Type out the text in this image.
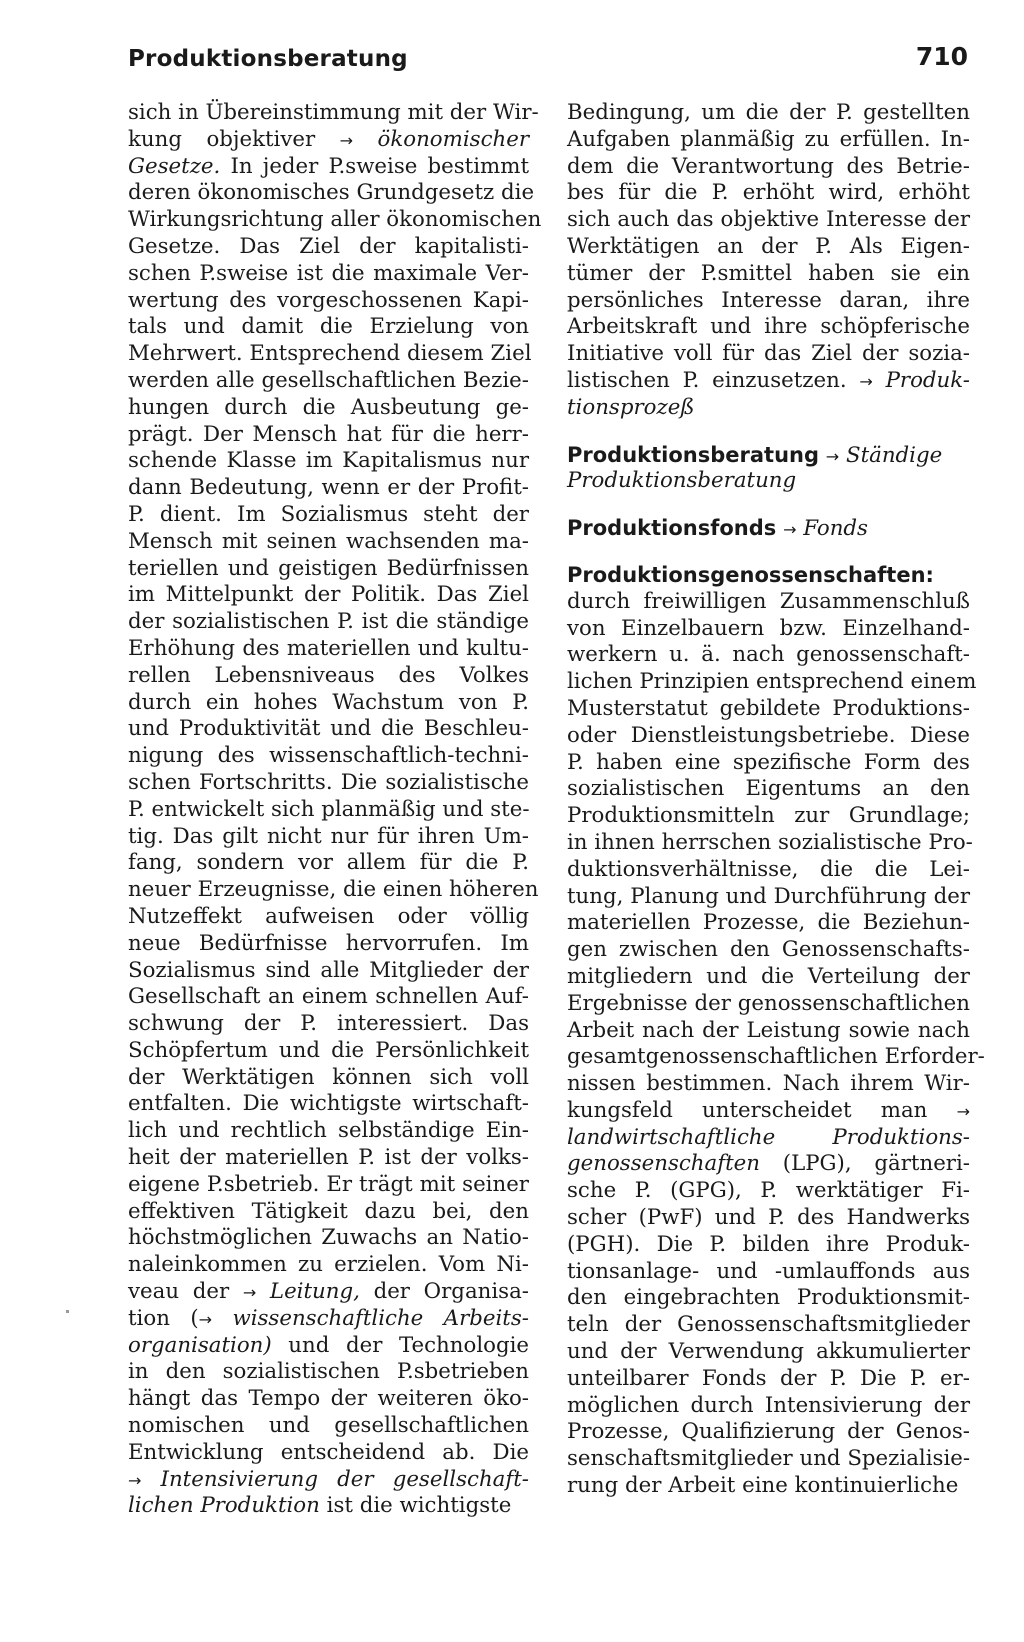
Produktionsberatung	710
sich in Übereinstimmung mit der Wir-
kung objektiver → ökonomischer
Gesetze. In jeder P.sweise bestimmt
deren ökonomisches Grundgesetz die
Wirkungsrichtung aller ökonomischen
Gesetze. Das Ziel der kapitalisti-
schen P.sweise ist die maximale Ver-
wertung des vorgeschossenen Kapi-
tals und damit die Erzielung von
Mehrwert. Entsprechend diesem Ziel
werden alle gesellschaftlichen Bezie-
hungen durch die Ausbeutung ge-
prägt. Der Mensch hat für die herr-
schende Klasse im Kapitalismus nur
dann Bedeutung, wenn er der Profit-
P. dient. Im Sozialismus steht der
Mensch mit seinen wachsenden ma-
teriellen und geistigen Bedürfnissen
im Mittelpunkt der Politik. Das Ziel
der sozialistischen P. ist die ständige
Erhöhung des materiellen und kultu-
rellen Lebensniveaus des Volkes
durch ein hohes Wachstum von P.
und Produktivität und die Beschleu-
nigung des wissenschaftlich-techni-
schen Fortschritts. Die sozialistische
P. entwickelt sich planmäßig und ste-
tig. Das gilt nicht nur für ihren Um-
fang, sondern vor allem für die P.
neuer Erzeugnisse, die einen höheren
Nutzeffekt aufweisen oder völlig
neue Bedürfnisse hervorrufen. Im
Sozialismus sind alle Mitglieder der
Gesellschaft an einem schnellen Auf-
schwung der P. interessiert. Das
Schöpfertum und die Persönlichkeit
der Werktätigen können sich voll
entfalten. Die wichtigste wirtschaft-
lich und rechtlich selbständige Ein-
heit der materiellen P. ist der volks-
eigene P.sbetrieb. Er trägt mit seiner
effektiven Tätigkeit dazu bei, den
höchstmöglichen Zuwachs an Natio-
naleinkommen zu erzielen. Vom Ni-
veau der → Leitung, der Organisa-
tion (→ wissenschaftliche Arbeits-
organisation) und der Technologie
in den sozialistischen P.sbetrieben
hängt das Tempo der weiteren öko-
nomischen und gesellschaftlichen
Entwicklung entscheidend ab. Die
→ Intensivierung der gesellschaft-
lichen Produktion ist die wichtigste
Bedingung, um die der P. gestellten
Aufgaben planmäßig zu erfüllen. In-
dem die Verantwortung des Betrie-
bes für die P. erhöht wird, erhöht
sich auch das objektive Interesse der
Werktätigen an der P. Als Eigen-
tümer der P.smittel haben sie ein
persönliches Interesse daran, ihre
Arbeitskraft und ihre schöpferische
Initiative voll für das Ziel der sozia-
listischen P. einzusetzen. → Produk-
tionsprozeß
Produktionsberatung → Ständige
Produktionsberatung
Produktionsfonds → Fonds
Produktionsgenossenschaften:
durch freiwilligen Zusammenschluß
von Einzelbauern bzw. Einzelhand-
werkern u. ä. nach genossenschaft-
lichen Prinzipien entsprechend einem
Musterstatut gebildete Produktions-
oder Dienstleistungsbetriebe. Diese
P. haben eine spezifische Form des
sozialistischen Eigentums an den
Produktionsmitteln zur Grundlage;
in ihnen herrschen sozialistische Pro-
duktionsverhältnisse, die die Lei-
tung, Planung und Durchführung der
materiellen Prozesse, die Beziehun-
gen zwischen den Genossenschafts-
mitgliedern und die Verteilung der
Ergebnisse der genossenschaftlichen
Arbeit nach der Leistung sowie nach
gesamtgenossenschaftlichen Erforder-
nissen bestimmen. Nach ihrem Wir-
kungsfeld unterscheidet man →
landwirtschaftliche Produktions-
genossenschaften (LPG), gärtneri-
sche P. (GPG), P. werktätiger Fi-
scher (PwF) und P. des Handwerks
(PGH). Die P. bilden ihre Produk-
tionsanlage- und -umlauffonds aus
den eingebrachten Produktionsmit-
teln der Genossenschaftsmitglieder
und der Verwendung akkumulierter
unteilbarer Fonds der P. Die P. er-
möglichen durch Intensivierung der
Prozesse, Qualifizierung der Genos-
senschaftsmitglieder und Spezialisie-
rung der Arbeit eine kontinuierliche
